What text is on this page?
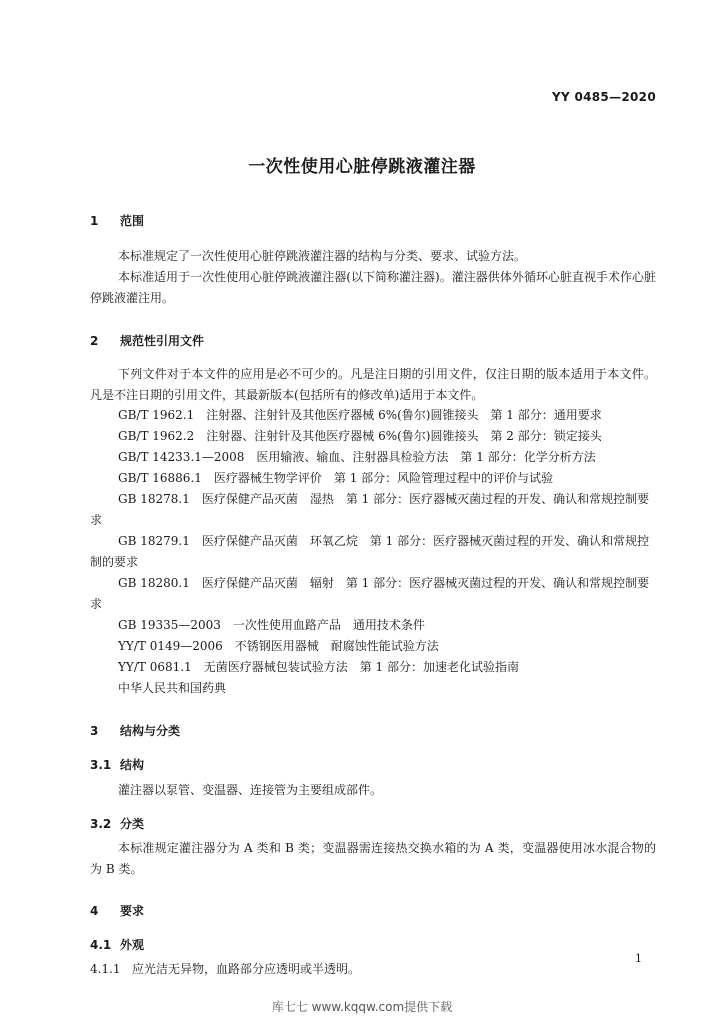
YY 0485—2020
一次性使用心脏停跳液灌注器
1 范围
本标准规定了一次性使用心脏停跳液灌注器的结构与分类、要求、试验方法。
本标准适用于一次性使用心脏停跳液灌注器(以下简称灌注器)。灌注器供体外循环心脏直视手术作心脏停跳液灌注用。
2 规范性引用文件
下列文件对于本文件的应用是必不可少的。凡是注日期的引用文件，仅注日期的版本适用于本文件。凡是不注日期的引用文件，其最新版本(包括所有的修改单)适用于本文件。
GB/T 1962.1　注射器、注射针及其他医疗器械 6%(鲁尔)圆锥接头　第 1 部分：通用要求
GB/T 1962.2　注射器、注射针及其他医疗器械 6%(鲁尔)圆锥接头　第 2 部分：锁定接头
GB/T 14233.1—2008　医用输液、输血、注射器具检验方法　第 1 部分：化学分析方法
GB/T 16886.1　医疗器械生物学评价　第 1 部分：风险管理过程中的评价与试验
GB 18278.1　医疗保健产品灭菌　湿热　第 1 部分：医疗器械灭菌过程的开发、确认和常规控制要求
GB 18279.1　医疗保健产品灭菌　环氧乙烷　第 1 部分：医疗器械灭菌过程的开发、确认和常规控制的要求
GB 18280.1　医疗保健产品灭菌　辐射　第 1 部分：医疗器械灭菌过程的开发、确认和常规控制要求
GB 19335—2003　一次性使用血路产品　通用技术条件
YY/T 0149—2006　不锈钢医用器械　耐腐蚀性能试验方法
YY/T 0681.1　无菌医疗器械包装试验方法　第 1 部分：加速老化试验指南
中华人民共和国药典
3 结构与分类
3.1 结构
灌注器以泵管、变温器、连接管为主要组成部件。
3.2 分类
本标准规定灌注器分为 A 类和 B 类；变温器需连接热交换水箱的为 A 类，变温器使用冰水混合物的为 B 类。
4 要求
4.1 外观
4.1.1 应光洁无异物，血路部分应透明或半透明。
1
库七七 www.kqqw.com提供下载
